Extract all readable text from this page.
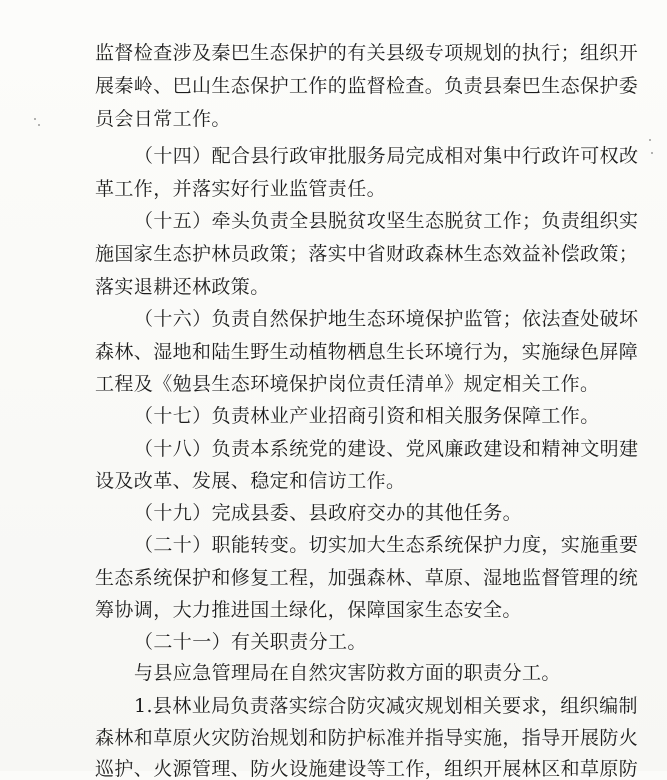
监督检查涉及秦巴生态保护的有关县级专项规划的执行；组织开
展秦岭、巴山生态保护工作的监督检查。负责县秦巴生态保护委
员会日常工作。
（十四）配合县行政审批服务局完成相对集中行政许可权改
革工作，并落实好行业监管责任。
（十五）牵头负责全县脱贫攻坚生态脱贫工作；负责组织实
施国家生态护林员政策；落实中省财政森林生态效益补偿政策；
落实退耕还林政策。
（十六）负责自然保护地生态环境保护监管；依法查处破坏
森林、湿地和陆生野生动植物栖息生长环境行为，实施绿色屏障
工程及《勉县生态环境保护岗位责任清单》规定相关工作。
（十七）负责林业产业招商引资和相关服务保障工作。
（十八）负责本系统党的建设、党风廉政建设和精神文明建
设及改革、发展、稳定和信访工作。
（十九）完成县委、县政府交办的其他任务。
（二十）职能转变。切实加大生态系统保护力度，实施重要
生态系统保护和修复工程，加强森林、草原、湿地监督管理的统
筹协调，大力推进国土绿化，保障国家生态安全。
（二十一）有关职责分工。
与县应急管理局在自然灾害防救方面的职责分工。
1.县林业局负责落实综合防灾减灾规划相关要求，组织编制
森林和草原火灾防治规划和防护标准并指导实施，指导开展防火
巡护、火源管理、防火设施建设等工作，组织开展林区和草原防
